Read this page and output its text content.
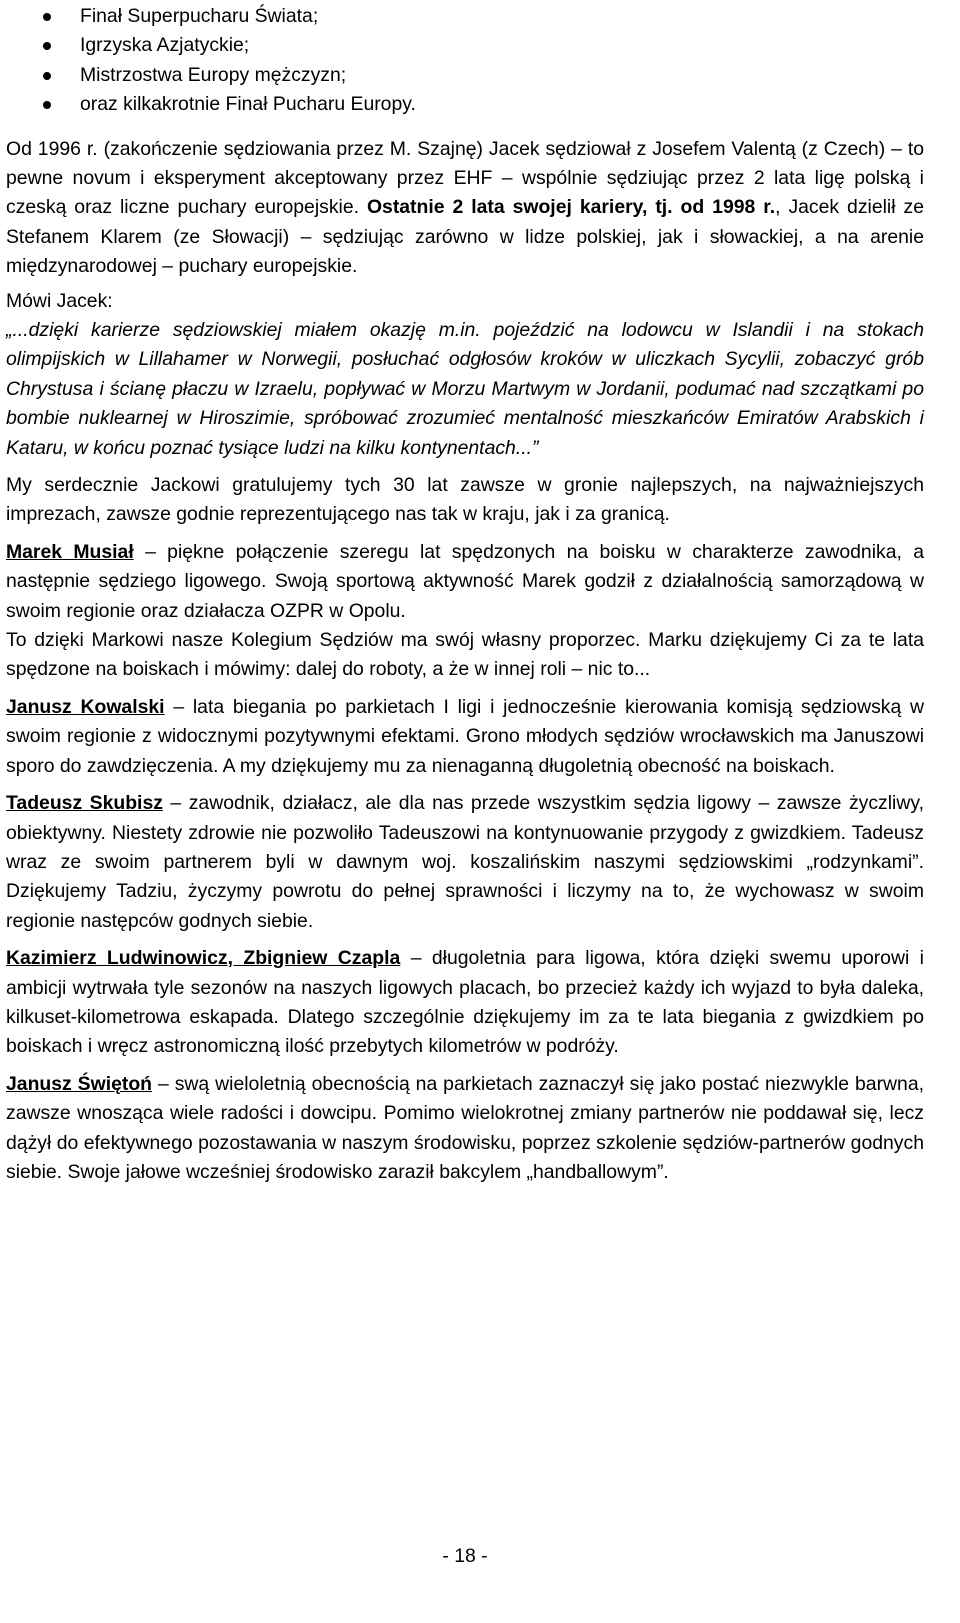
Finał Superpucharu Świata;
Igrzyska Azjatyckie;
Mistrzostwa Europy mężczyzn;
oraz kilkakrotnie Finał Pucharu Europy.

Od 1996 r. (zakończenie sędziowania przez M. Szajnę) Jacek sędziował z Josefem Valentą (z Czech) – to pewne novum i eksperyment akceptowany przez EHF – wspólnie sędziując przez 2 lata ligę polską i czeską oraz liczne puchary europejskie. Ostatnie 2 lata swojej kariery, tj. od 1998 r., Jacek dzielił ze Stefanem Klarem (ze Słowacji) – sędziując zarówno w lidze polskiej, jak i słowackiej, a na arenie międzynarodowej – puchary europejskie.

Mówi Jacek:

„...dzięki karierze sędziowskiej miałem okazję m.in. pojeździć na lodowcu w Islandii i na stokach olimpijskich w Lillahamer w Norwegii, posłuchać odgłosów kroków w uliczkach Sycylii, zobaczyć grób Chrystusa i ścianę płaczu w Izraelu, popływać w Morzu Martwym w Jordanii, podumać nad szczątkami po bombie nuklearnej w Hiroszimie, spróbować zrozumieć mentalność mieszkańców Emiratów Arabskich i Kataru, w końcu poznać tysiące ludzi na kilku kontynentach...”

My serdecznie Jackowi gratulujemy tych 30 lat zawsze w gronie najlepszych, na najważniejszych imprezach, zawsze godnie reprezentującego nas tak w kraju, jak i za granicą.

Marek Musiał – piękne połączenie szeregu lat spędzonych na boisku w charakterze zawodnika, a następnie sędziego ligowego. Swoją sportową aktywność Marek godził z działalnością samorządową w swoim regionie oraz działacza OZPR w Opolu.

To dzięki Markowi nasze Kolegium Sędziów ma swój własny proporzec. Marku dziękujemy Ci za te lata spędzone na boiskach i mówimy: dalej do roboty, a że w innej roli – nic to...

Janusz Kowalski – lata biegania po parkietach I ligi i jednocześnie kierowania komisją sędziowską w swoim regionie z widocznymi pozytywnymi efektami. Grono młodych sędziów wrocławskich ma Januszowi sporo do zawdzięczenia. A my dziękujemy mu za nienaganną długoletnią obecność na boiskach.

Tadeusz Skubisz – zawodnik, działacz, ale dla nas przede wszystkim sędzia ligowy – zawsze życzliwy, obiektywny. Niestety zdrowie nie pozwoliło Tadeuszowi na kontynuowanie przygody z gwizdkiem. Tadeusz wraz ze swoim partnerem byli w dawnym woj. koszalińskim naszymi sędziowskimi „rodzynkami”. Dziękujemy Tadziu, życzymy powrotu do pełnej sprawności i liczymy na to, że wychowasz w swoim regionie następców godnych siebie.

Kazimierz Ludwinowicz, Zbigniew Czapla – długoletnia para ligowa, która dzięki swemu uporowi i ambicji wytrwała tyle sezonów na naszych ligowych placach, bo przecież każdy ich wyjazd to była daleka, kilkuset-kilometrowa eskapada. Dlatego szczególnie dziękujemy im za te lata biegania z gwizdkiem po boiskach i wręcz astronomiczną ilość przebytych kilometrów w podróży.

Janusz Świętoń – swą wieloletnią obecnością na parkietach zaznaczył się jako postać niezwykle barwna, zawsze wnosząca wiele radości i dowcipu. Pomimo wielokrotnej zmiany partnerów nie poddawał się, lecz dążył do efektywnego pozostawania w naszym środowisku, poprzez szkolenie sędziów-partnerów godnych siebie. Swoje jałowe wcześniej środowisko zaraził bakcylem „handballowym”.

- 18 -
